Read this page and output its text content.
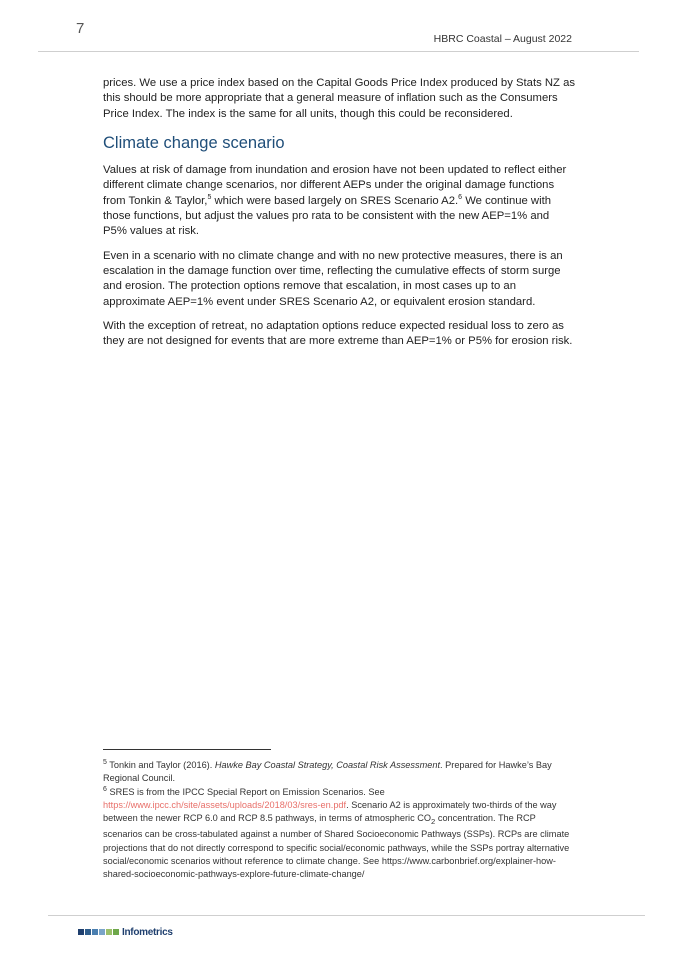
7
HBRC Coastal – August 2022

prices. We use a price index based on the Capital Goods Price Index produced by Stats NZ as this should be more appropriate that a general measure of inflation such as the Consumers Price Index. The index is the same for all units, though this could be reconsidered.

Climate change scenario

Values at risk of damage from inundation and erosion have not been updated to reflect either different climate change scenarios, nor different AEPs under the original damage functions from Tonkin & Taylor,$^5$ which were based largely on SRES Scenario A2.$^6$ We continue with those functions, but adjust the values pro rata to be consistent with the new AEP=1% and P5% values at risk.

Even in a scenario with no climate change and with no new protective measures, there is an escalation in the damage function over time, reflecting the cumulative effects of storm surge and erosion. The protection options remove that escalation, in most cases up to an approximate AEP=1% event under SRES Scenario A2, or equivalent erosion standard.

With the exception of retreat, no adaptation options reduce expected residual loss to zero as they are not designed for events that are more extreme than AEP=1% or P5% for erosion risk.

$^5$ Tonkin and Taylor (2016). Hawke Bay Coastal Strategy, Coastal Risk Assessment. Prepared for Hawke’s Bay Regional Council.

$^6$ SRES is from the IPCC Special Report on Emission Scenarios. See
https://www.ipcc.ch/site/assets/uploads/2018/03/sres-en.pdf. Scenario A2 is approximately two-thirds of the way between the newer RCP 6.0 and RCP 8.5 pathways, in terms of atmospheric $CO_2$ concentration. The RCP scenarios can be cross-tabulated against a number of Shared Socioeconomic Pathways (SSPs). RCPs are climate projections that do not directly correspond to specific social/economic pathways, while the SSPs portray alternative social/economic scenarios without reference to climate change. See https://www.carbonbrief.org/explainer-how-shared-socioeconomic-pathways-explore-future-climate-change/

Infometrics
